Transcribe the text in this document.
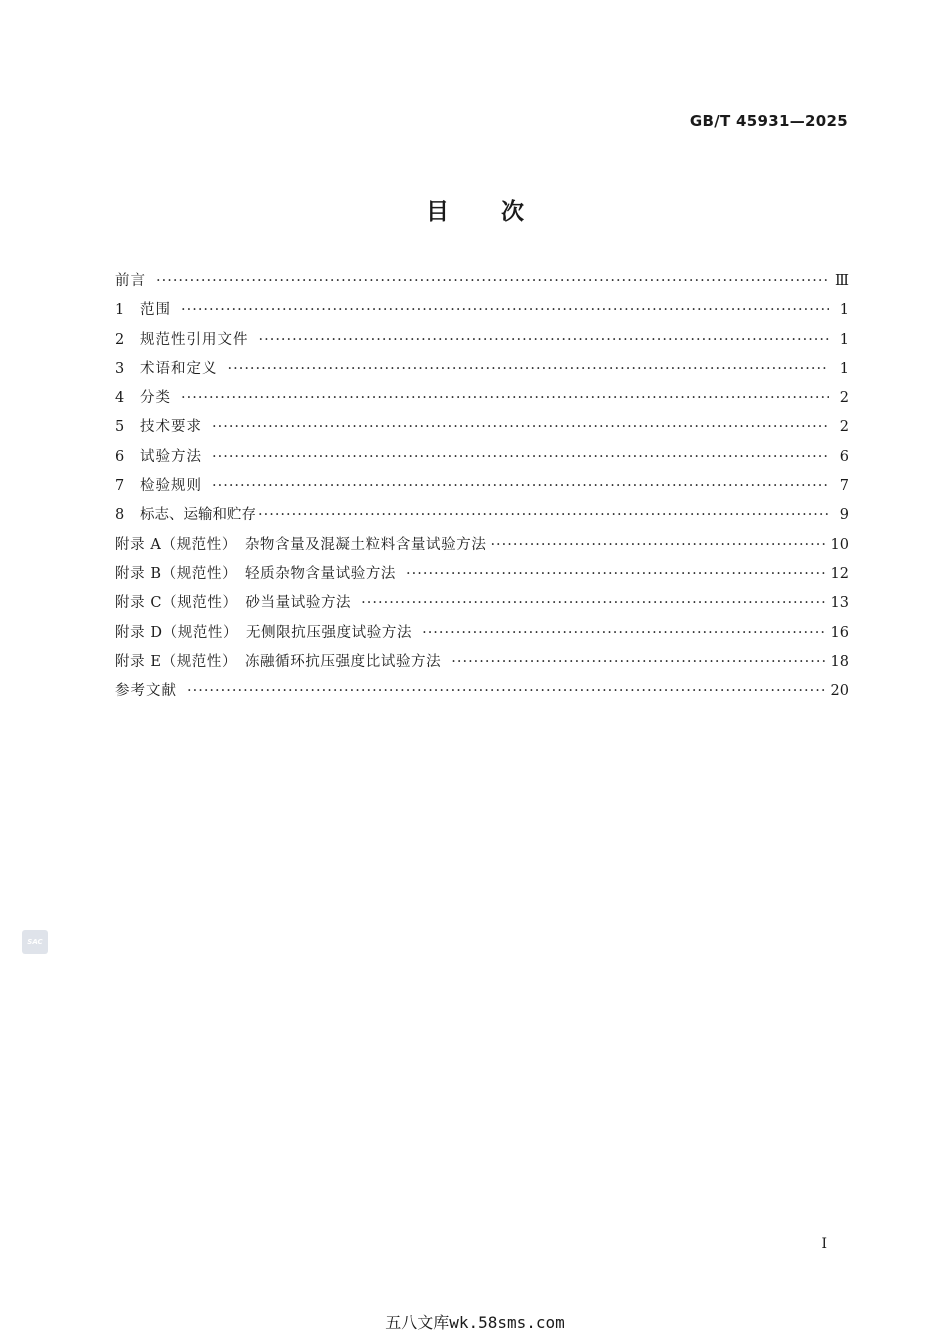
GB/T 45931—2025
目次
前言 ·····	Ⅲ
1	范围 ·····	1
2	规范性引用文件 ·····	1
3	术语和定义 ·····	1
4	分类 ·····	2
5	技术要求 ·····	2
6	试验方法 ·····	6
7	检验规则 ·····	7
8	标志、运输和贮存 ·····	9
附录 A（规范性）　杂物含量及混凝土粒料含量试验方法 ·····	10
附录 B（规范性）　轻质杂物含量试验方法 ·····	12
附录 C（规范性）　砂当量试验方法 ·····	13
附录 D（规范性）　无侧限抗压强度试验方法 ·····	16
附录 E（规范性）　冻融循环抗压强度比试验方法 ·····	18
参考文献 ·····	20
SAC
I
五八文库wk.58sms.com
